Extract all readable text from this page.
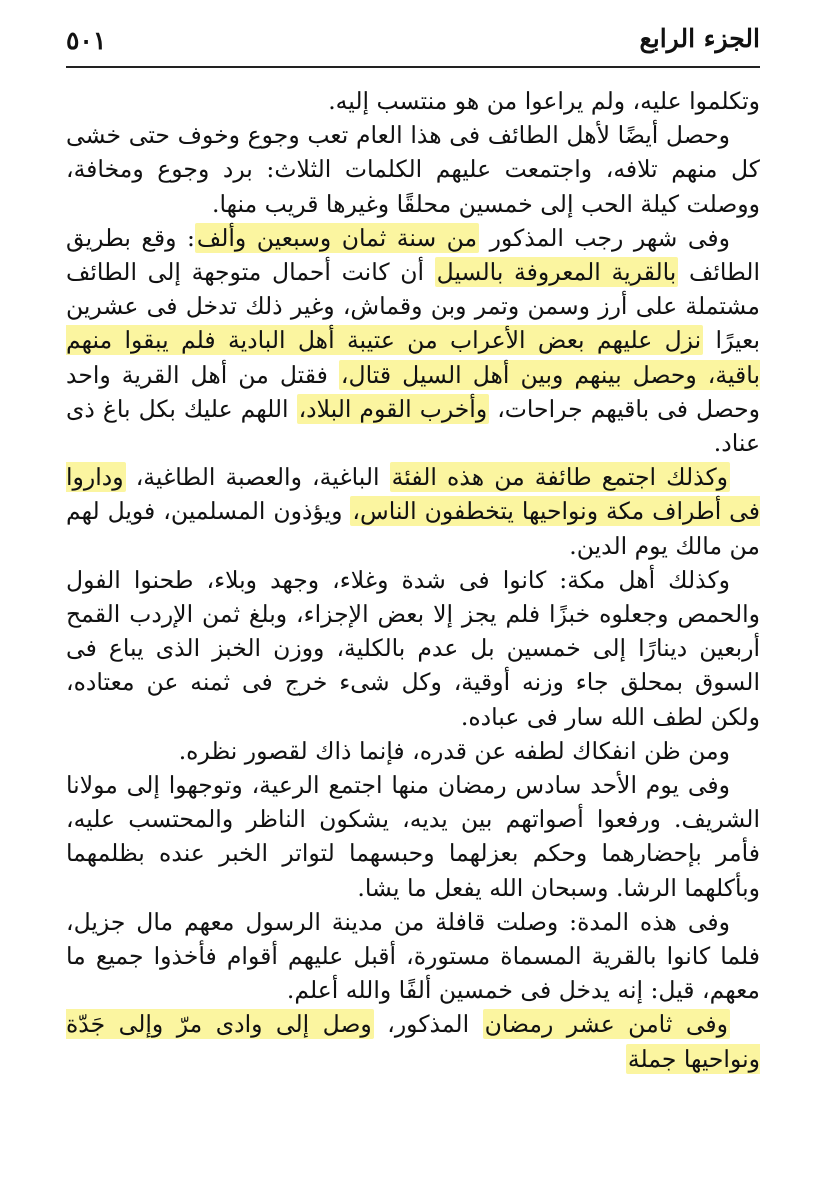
الجزء الرابع
٥٠١

وتكلموا عليه، ولم يراعوا من هو منتسب إليه.

وحصل أيضًا لأهل الطائف فى هذا العام تعب وجوع وخوف حتى خشى كل منهم تلافه، واجتمعت عليهم الكلمات الثلاث: برد وجوع ومخافة، ووصلت كيلة الحب إلى خمسين محلقًا وغيرها قريب منها.

وفى شهر رجب المذكور من سنة ثمان وسبعين وألف: وقع بطريق الطائف بالقرية المعروفة بالسيل أن كانت أحمال متوجهة إلى الطائف مشتملة على أرز وسمن وتمر وبن وقماش، وغير ذلك تدخل فى عشرين بعيرًا نزل عليهم بعض الأعراب من عتيبة أهل البادية فلم يبقوا منهم باقية، وحصل بينهم وبين أهل السيل قتال، فقتل من أهل القرية واحد وحصل فى باقيهم جراحات، وأخرب القوم البلاد، اللهم عليك بكل باغ ذى عناد.

وكذلك اجتمع طائفة من هذه الفئة الباغية، والعصبة الطاغية، وداروا فى أطراف مكة ونواحيها يتخطفون الناس، ويؤذون المسلمين، فويل لهم من مالك يوم الدين.

وكذلك أهل مكة: كانوا فى شدة وغلاء، وجهد وبلاء، طحنوا الفول والحمص وجعلوه خبزًا فلم يجز إلا بعض الإجزاء، وبلغ ثمن الإردب القمح أربعين دينارًا إلى خمسين بل عدم بالكلية، ووزن الخبز الذى يباع فى السوق بمحلق جاء وزنه أوقية، وكل شىء خرج فى ثمنه عن معتاده، ولكن لطف الله سار فى عباده.

ومن ظن انفكاك لطفه عن قدره، فإنما ذاك لقصور نظره.

وفى يوم الأحد سادس رمضان منها اجتمع الرعية، وتوجهوا إلى مولانا الشريف. ورفعوا أصواتهم بين يديه، يشكون الناظر والمحتسب عليه، فأمر بإحضارهما وحكم بعزلهما وحبسهما لتواتر الخبر عنده بظلمهما وبأكلهما الرشا. وسبحان الله يفعل ما يشا.

وفى هذه المدة: وصلت قافلة من مدينة الرسول معهم مال جزيل، فلما كانوا بالقرية المسماة مستورة، أقبل عليهم أقوام فأخذوا جميع ما معهم، قيل: إنه يدخل فى خمسين ألفًا والله أعلم.

وفى ثامن عشر رمضان المذكور، وصل إلى وادى مرّ وإلى جَدّة ونواحيها جملة
